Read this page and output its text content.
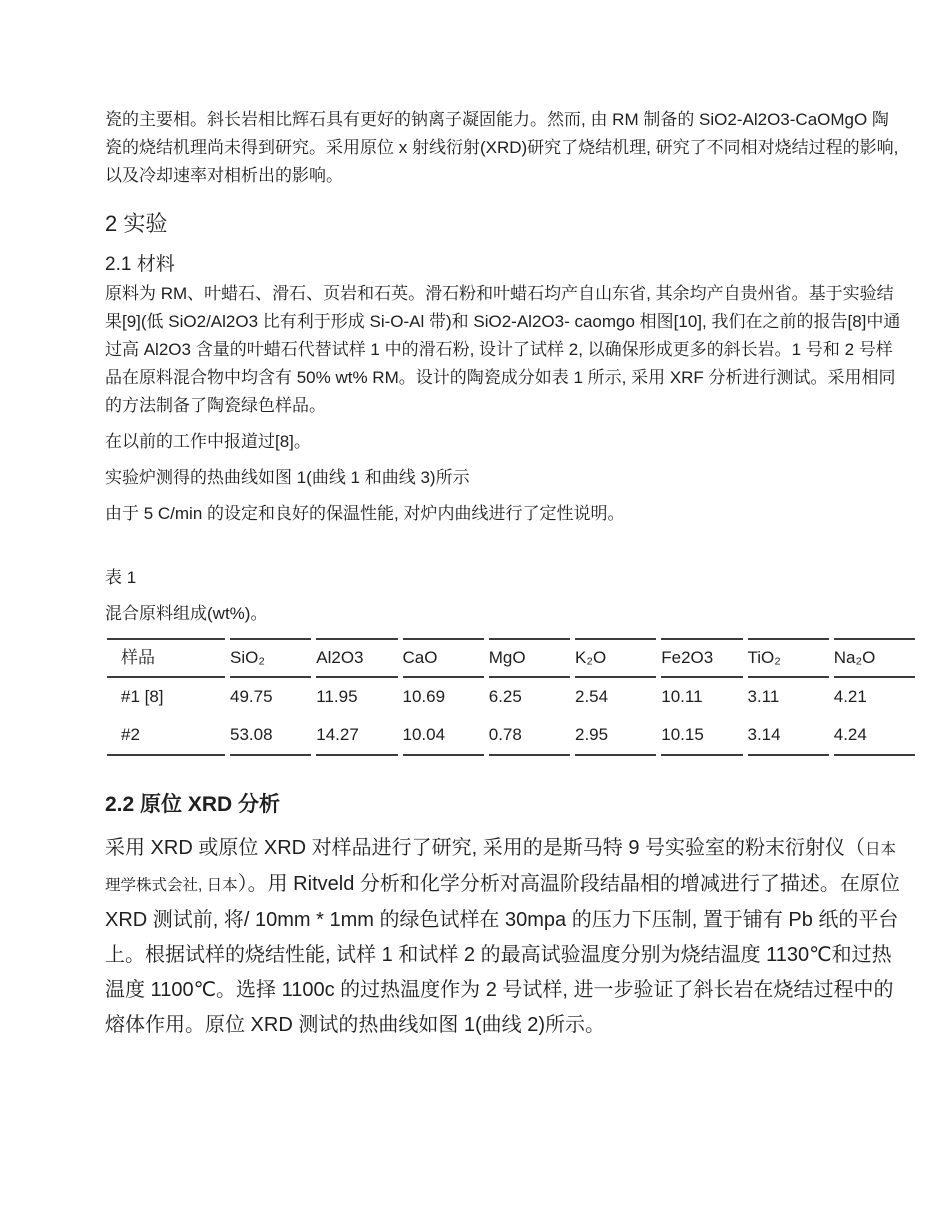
瓷的主要相。斜长岩相比辉石具有更好的钠离子凝固能力。然而, 由 RM 制备的 SiO2-Al2O3-CaOMgO 陶瓷的烧结机理尚未得到研究。采用原位 x 射线衍射(XRD)研究了烧结机理, 研究了不同相对烧结过程的影响, 以及冷却速率对相析出的影响。

2 实验
2.1 材料

原料为 RM、叶蜡石、滑石、页岩和石英。滑石粉和叶蜡石均产自山东省, 其余均产自贵州省。基于实验结果[9](低 SiO2/Al2O3 比有利于形成 Si-O-Al 带)和 SiO2-Al2O3- caomgo 相图[10], 我们在之前的报告[8]中通过高 Al2O3 含量的叶蜡石代替试样 1 中的滑石粉, 设计了试样 2, 以确保形成更多的斜长岩。1 号和 2 号样品在原料混合物中均含有 50% wt% RM。设计的陶瓷成分如表 1 所示, 采用 XRF 分析进行测试。采用相同的方法制备了陶瓷绿色样品。

在以前的工作中报道过[8]。

实验炉测得的热曲线如图 1(曲线 1 和曲线 3)所示

由于 5 C/min 的设定和良好的保温性能, 对炉内曲线进行了定性说明。

表 1

混合原料组成(wt%)。

样品	SiO₂	Al2O3	CaO	MgO	K₂O	Fe2O3	TiO₂	Na₂O
#1 [8]	49.75	11.95	10.69	6.25	2.54	10.11	3.11	4.21
#2	53.08	14.27	10.04	0.78	2.95	10.15	3.14	4.24
2.2 原位 XRD 分析

采用 XRD 或原位 XRD 对样品进行了研究, 采用的是斯马特 9 号实验室的粉末衍射仪（日本理学株式会社, 日本）。用 Ritveld 分析和化学分析对高温阶段结晶相的增减进行了描述。在原位 XRD 测试前, 将/ 10mm * 1mm 的绿色试样在 30mpa 的压力下压制, 置于铺有 Pb 纸的平台上。根据试样的烧结性能, 试样 1 和试样 2 的最高试验温度分别为烧结温度 1130℃和过热温度 1100℃。选择 1100c 的过热温度作为 2 号试样, 进一步验证了斜长岩在烧结过程中的熔体作用。原位 XRD 测试的热曲线如图 1(曲线 2)所示。
